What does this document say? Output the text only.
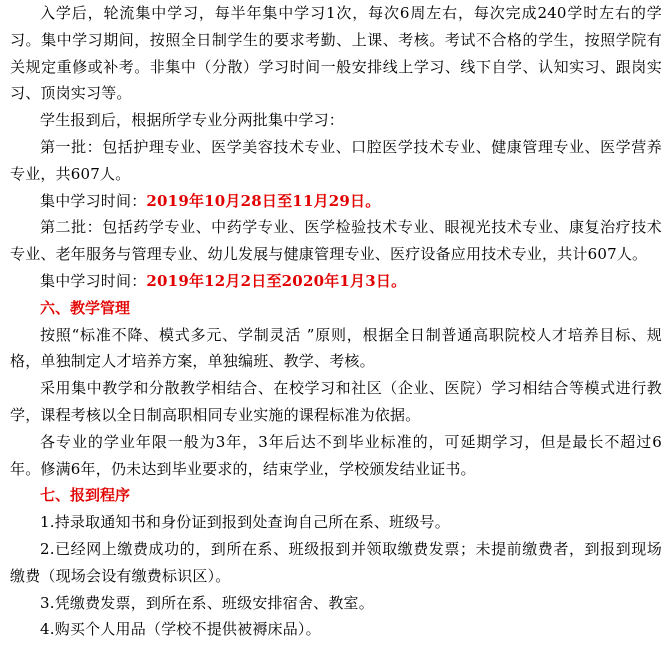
入学后，轮流集中学习，每半年集中学习1次，每次6周左右，每次完成240学时左右的学习。集中学习期间，按照全日制学生的要求考勤、上课、考核。考试不合格的学生，按照学院有关规定重修或补考。非集中（分散）学习时间一般安排线上学习、线下自学、认知实习、跟岗实习、顶岗实习等。

学生报到后，根据所学专业分两批集中学习：

第一批：包括护理专业、医学美容技术专业、口腔医学技术专业、健康管理专业、医学营养专业，共607人。

集中学习时间：2019年10月28日至11月29日。

第二批：包括药学专业、中药学专业、医学检验技术专业、眼视光技术专业、康复治疗技术专业、老年服务与管理专业、幼儿发展与健康管理专业、医疗设备应用技术专业，共计607人。

集中学习时间：2019年12月2日至2020年1月3日。

六、教学管理

按照“标准不降、模式多元、学制灵活 ”原则，根据全日制普通高职院校人才培养目标、规格，单独制定人才培养方案，单独编班、教学、考核。

采用集中教学和分散教学相结合、在校学习和社区（企业、医院）学习相结合等模式进行教学，课程考核以全日制高职相同专业实施的课程标准为依据。

各专业的学业年限一般为3年，3年后达不到毕业标准的，可延期学习，但是最长不超过6年。修满6年，仍未达到毕业要求的，结束学业，学校颁发结业证书。

七、报到程序

1.持录取通知书和身份证到报到处查询自己所在系、班级号。

2.已经网上缴费成功的，到所在系、班级报到并领取缴费发票；未提前缴费者，到报到现场缴费（现场会设有缴费标识区）。

3.凭缴费发票，到所在系、班级安排宿舍、教室。

4.购买个人用品（学校不提供被褥床品）。
